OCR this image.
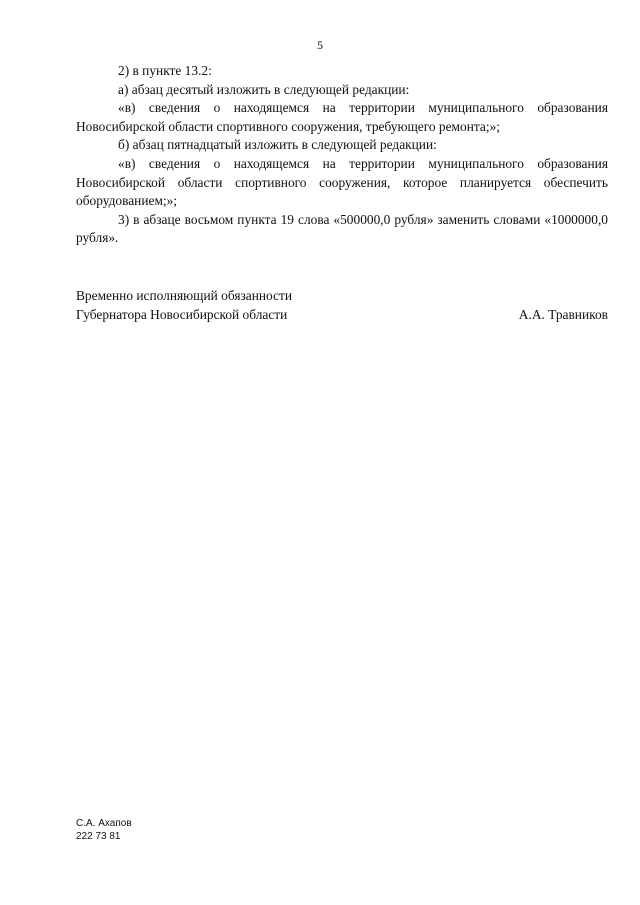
5

2) в пункте 13.2:

а) абзац десятый изложить в следующей редакции:

«в) сведения о находящемся на территории муниципального образования Новосибирской области спортивного сооружения, требующего ремонта;»;

б) абзац пятнадцатый изложить в следующей редакции:

«в) сведения о находящемся на территории муниципального образования Новосибирской области спортивного сооружения, которое планируется обеспечить оборудованием;»;

3) в абзаце восьмом пункта 19 слова «500000,0 рубля» заменить словами «1000000,0 рубля».

Временно исполняющий обязанности
Губернатора Новосибирской области	А.А. Травников
С.А. Ахапов
222 73 81
